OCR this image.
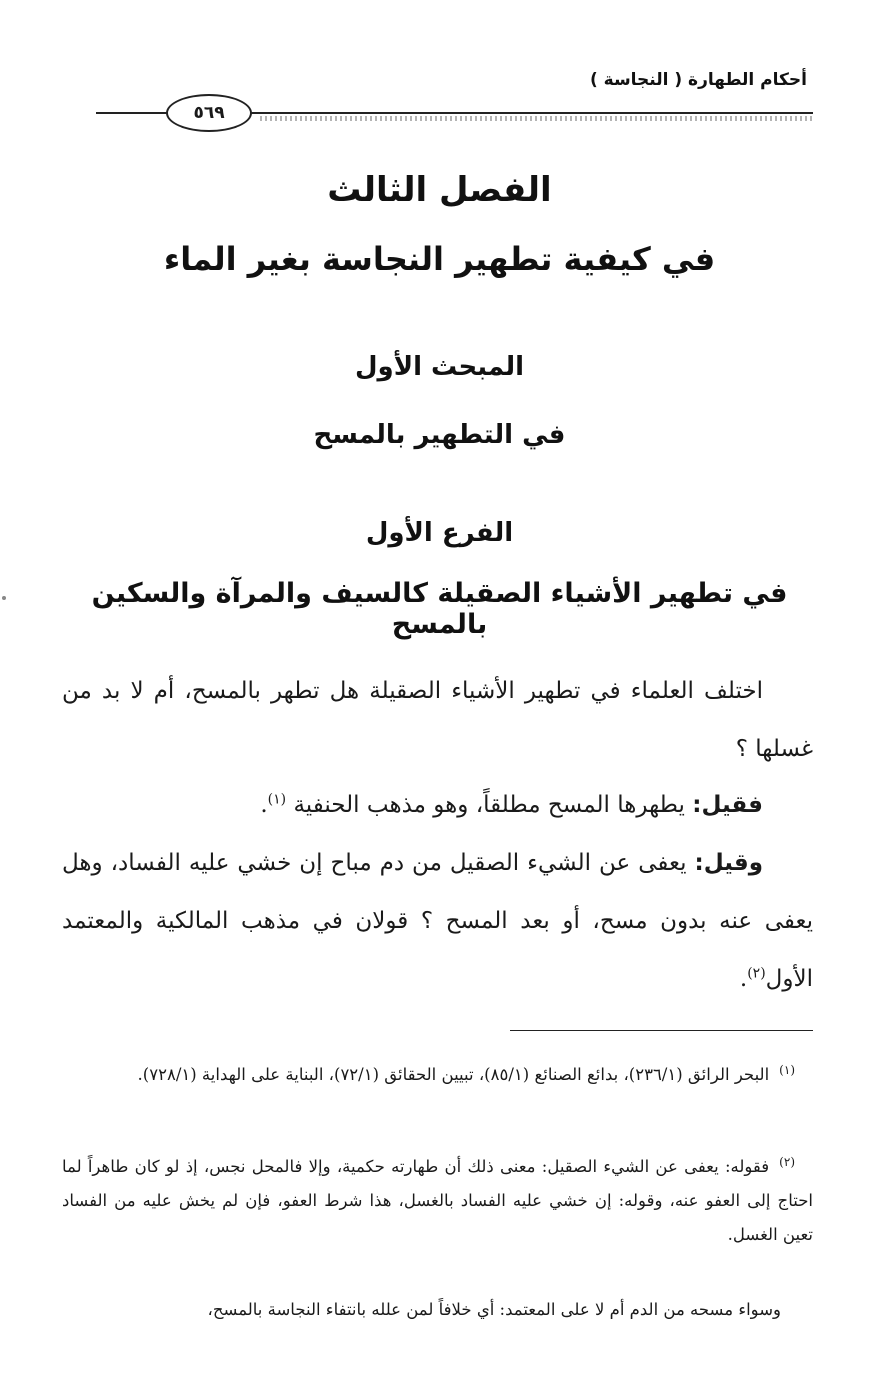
أحكام الطهارة ( النجاسة )
٥٦٩
الفصل الثالث
في كيفية تطهير النجاسة بغير الماء
المبحث الأول
في التطهير بالمسح
الفرع الأول
في تطهير الأشياء الصقيلة كالسيف والمرآة والسكين بالمسح

اختلف العلماء في تطهير الأشياء الصقيلة هل تطهر بالمسح، أم لا بد من غسلها ؟

فقيل: يطهرها المسح مطلقاً، وهو مذهب الحنفية $^{(١)}$.

وقيل: يعفى عن الشيء الصقيل من دم مباح إن خشي عليه الفساد، وهل يعفى عنه بدون مسح، أو بعد المسح ؟ قولان في مذهب المالكية والمعتمد الأول$^{(٢)}$.

$^{(١)}$البحر الرائق (٢٣٦/١)، بدائع الصنائع (٨٥/١)، تبيين الحقائق (٧٢/١)، البناية على الهداية (٧٢٨/١).

$^{(٢)}$فقوله: يعفى عن الشيء الصقيل: معنى ذلك أن طهارته حكمية، وإلا فالمحل نجس، إذ لو كان طاهراً لما احتاج إلى العفو عنه، وقوله: إن خشي عليه الفساد بالغسل، هذا شرط العفو، فإن لم يخش عليه من الفساد تعين الغسل.

وسواء مسحه من الدم أم لا على المعتمد: أي خلافاً لمن علله بانتفاء النجاسة بالمسح،
